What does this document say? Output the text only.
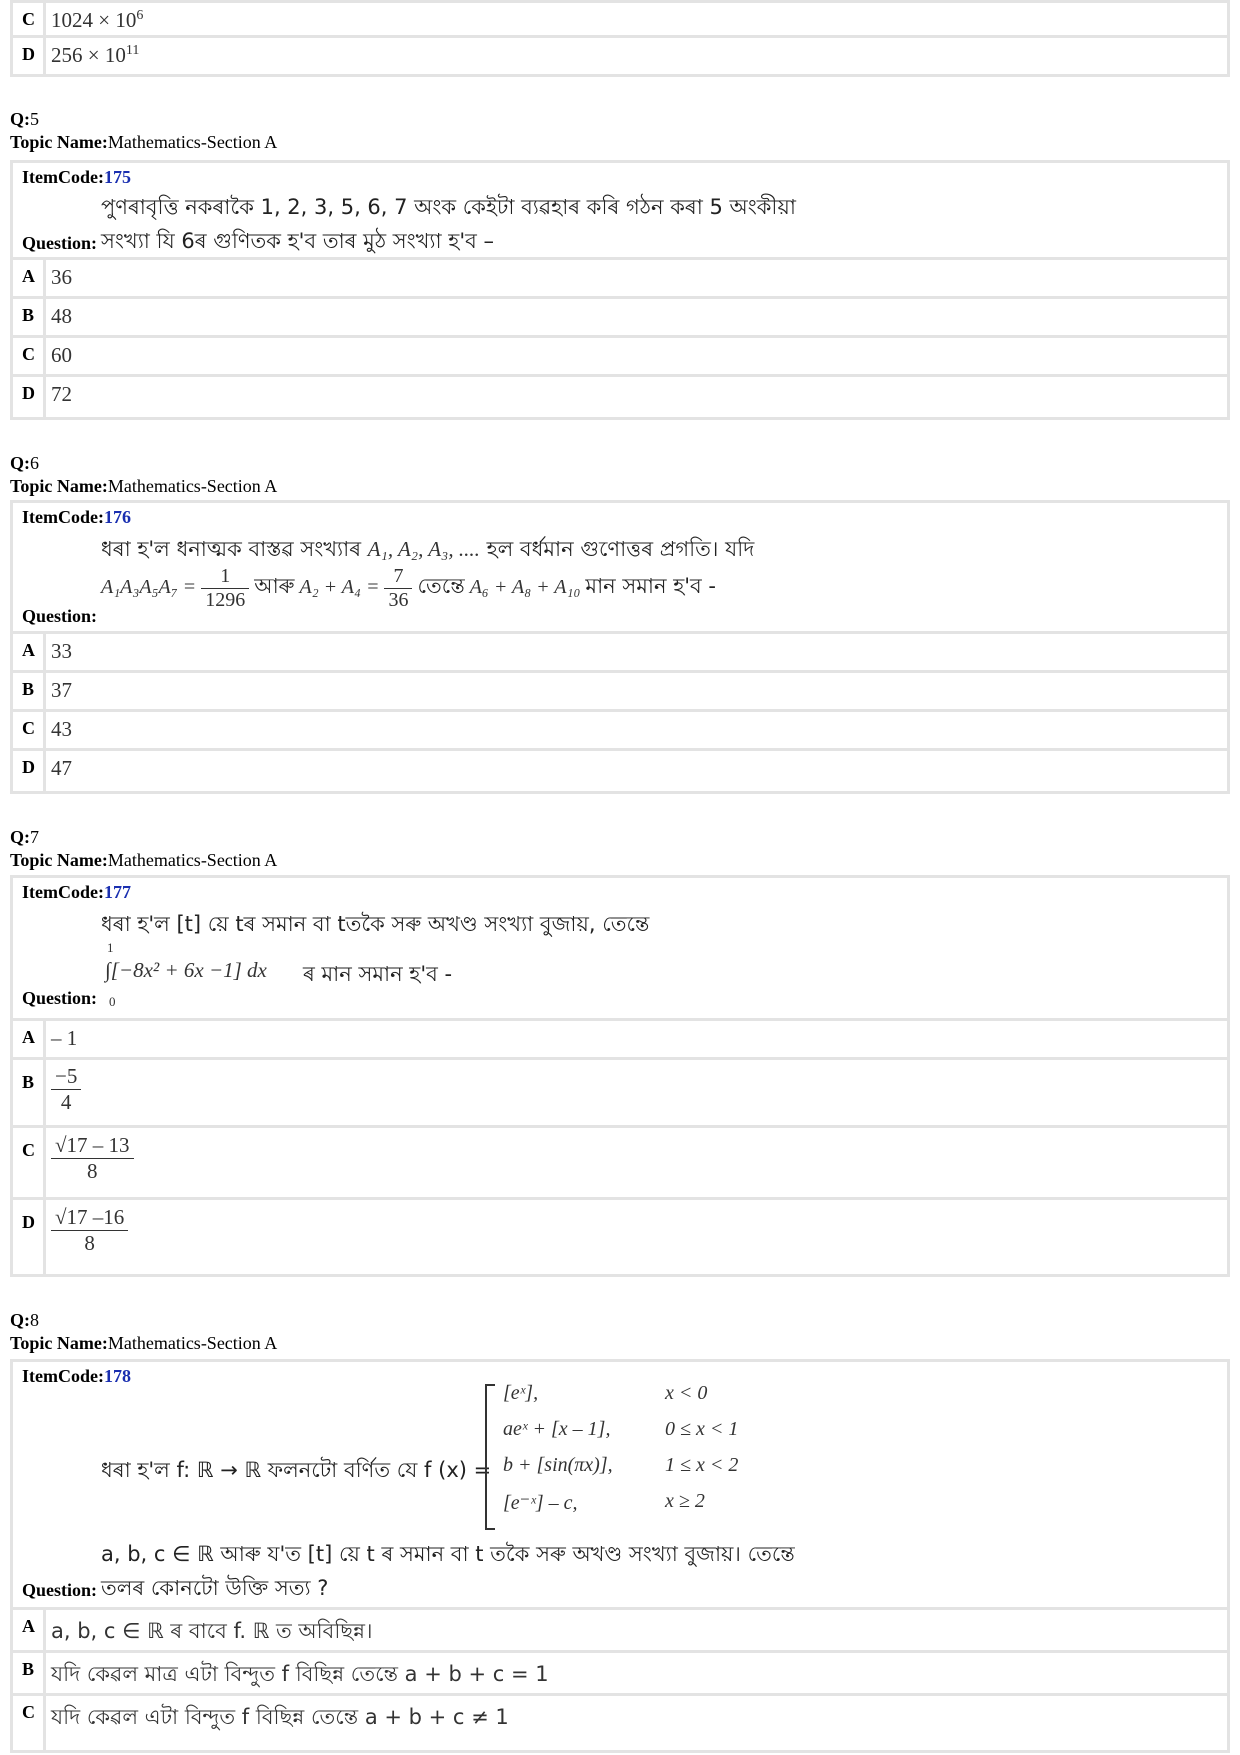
C $1024 \times 10^6$
D $256 \times 10^{11}$
Q:5
Topic Name:Mathematics-Section A
ItemCode:175
পুণৰাবৃত্তি নকৰাকৈ 1, 2, 3, 5, 6, 7 অংক কেইটা ব্যৱহাৰ কৰি গঠন কৰা 5 অংকীয়া
Question: সংখ্যা যি 6ৰ গুণিতক হ'ব তাৰ মুঠ সংখ্যা হ'ব –
A 36
B 48
C 60
D 72
Q:6
Topic Name:Mathematics-Section A
ItemCode:176
ধৰা হ'ল ধনাত্মক বাস্তৱ সংখ্যাৰ A₁, A₂, A₃, .... হল বৰ্ধমান গুণোত্তৰ প্ৰগতি। যদি
$A_1A_3A_5A_7 = \frac{1}{1296}$ আৰু $A_2 + A_4 = \frac{7}{36}$ তেন্তে A₆ + A₈ + A₁₀ মান সমান হ'ব -
Question:
A 33
B 37
C 43
D 47
Q:7
Topic Name:Mathematics-Section A
ItemCode:177
ধৰা হ'ল [t] য়ে tৰ সমান বা tতকৈ সৰু অখণ্ড সংখ্যা বুজায়, তেন্তে
1
∫[−8x² + 6x −1] dx ৰ মান সমান হ'ব -
0
Question:
A – 1
B $\frac{-5}{4}$
C $\frac{√17 - 13}{8}$
D $\frac{√17 -16}{8}$
Q:8
Topic Name:Mathematics-Section A
ItemCode:178
ধৰা হ'ল f: ℝ → ℝ ফলনটো বৰ্ণিত যে f (x) =
[eˣ],	x < 0
aeˣ + [x – 1],	0 ≤ x < 1
b + [sin(πx)],	1 ≤ x < 2
[e⁻ˣ] – c,	x ≥ 2
a, b, c ∈ ℝ আৰু য'ত [t] য়ে t ৰ সমান বা t তকৈ সৰু অখণ্ড সংখ্যা বুজায়। তেন্তে
Question: তলৰ কোনটো উক্তি সত্য ?
A a, b, c ∈ ℝ ৰ বাবে f. ℝ ত অবিছিন্ন।
B যদি কেৱল মাত্ৰ এটা বিন্দুত f বিছিন্ন তেন্তে a + b + c = 1
C যদি কেৱল এটা বিন্দুত f বিছিন্ন তেন্তে a + b + c ≠ 1
